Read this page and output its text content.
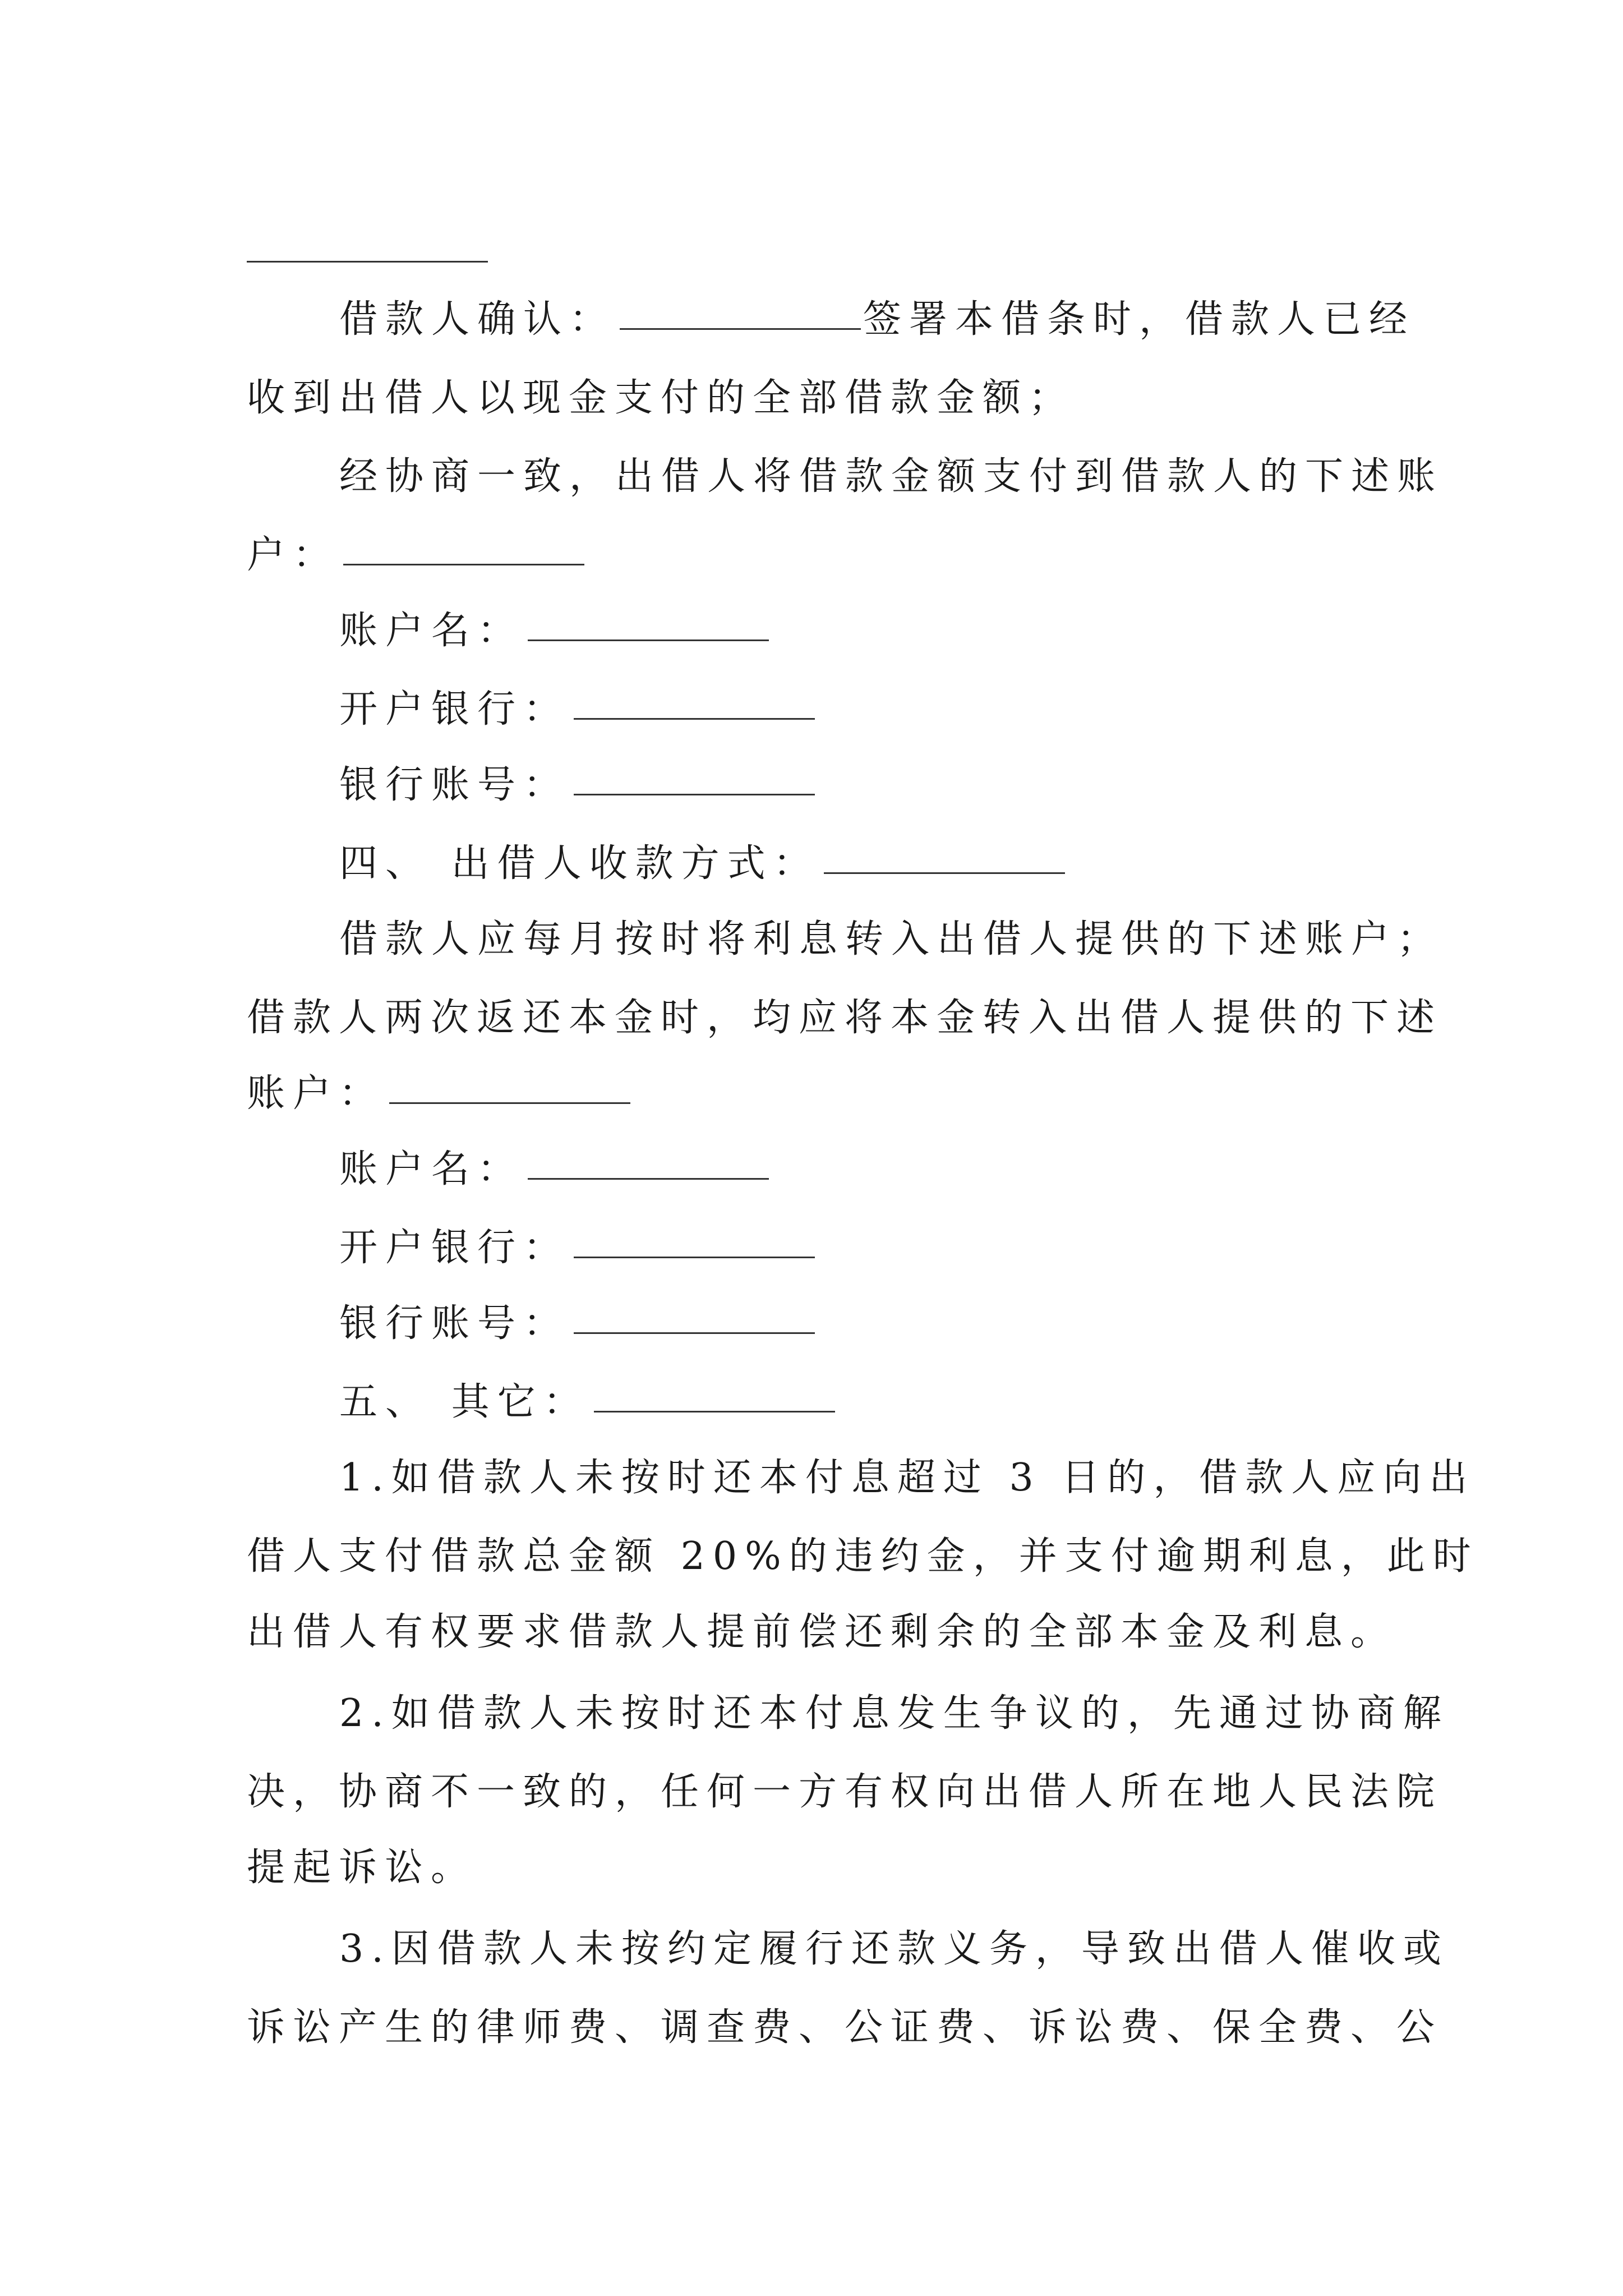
借款人确认：	签署本借条时，借款人已经
收到出借人以现金支付的全部借款金额；
经协商一致，出借人将借款金额支付到借款人的下述账
户：
账户名：
开户银行：
银行账号：
四、 出借人收款方式：
借款人应每月按时将利息转入出借人提供的下述账户；
借款人两次返还本金时，均应将本金转入出借人提供的下述
账户：
账户名：
开户银行：
银行账号：
五、 其它：
1.如借款人未按时还本付息超过 3 日的，借款人应向出
借人支付借款总金额 20%的违约金，并支付逾期利息，此时
出借人有权要求借款人提前偿还剩余的全部本金及利息。
2.如借款人未按时还本付息发生争议的，先通过协商解
决，协商不一致的，任何一方有权向出借人所在地人民法院
提起诉讼。
3.因借款人未按约定履行还款义务，导致出借人催收或
诉讼产生的律师费、调查费、公证费、诉讼费、保全费、公
